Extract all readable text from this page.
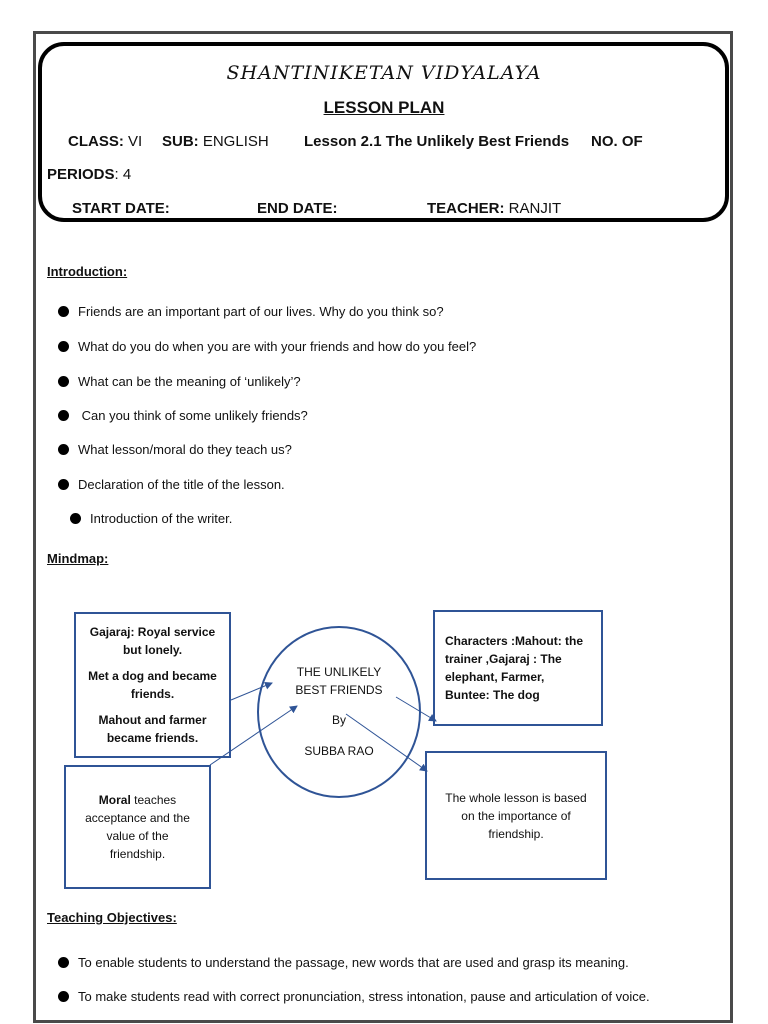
SHANTINIKETAN VIDYALAYA
LESSON PLAN
CLASS: VI SUB: ENGLISH Lesson 2.1 The Unlikely Best Friends NO. OF
PERIODS: 4
START DATE:	END DATE:	TEACHER: RANJIT
Introduction:
Friends are an important part of our lives. Why do you think so?
What do you do when you are with your friends and how do you feel?
What can be the meaning of ‘unlikely’?
Can you think of some unlikely friends?
What lesson/moral do they teach us?
Declaration of the title of the lesson.
Introduction of the writer.
Mindmap:
THE UNLIKELY
BEST FRIENDS
By
SUBBA RAO

Gajaraj: Royal service but lonely.

Met a dog and became friends.

Mahout and farmer became friends.

Moral teaches acceptance and the value of the friendship.
Characters :Mahout: the trainer ,Gajaraj : The elephant, Farmer, Buntee: The dog
The whole lesson is based on the importance of friendship.
Teaching Objectives:
To enable students to understand the passage, new words that are used and grasp its meaning.
To make students read with correct pronunciation, stress intonation, pause and articulation of voice.
